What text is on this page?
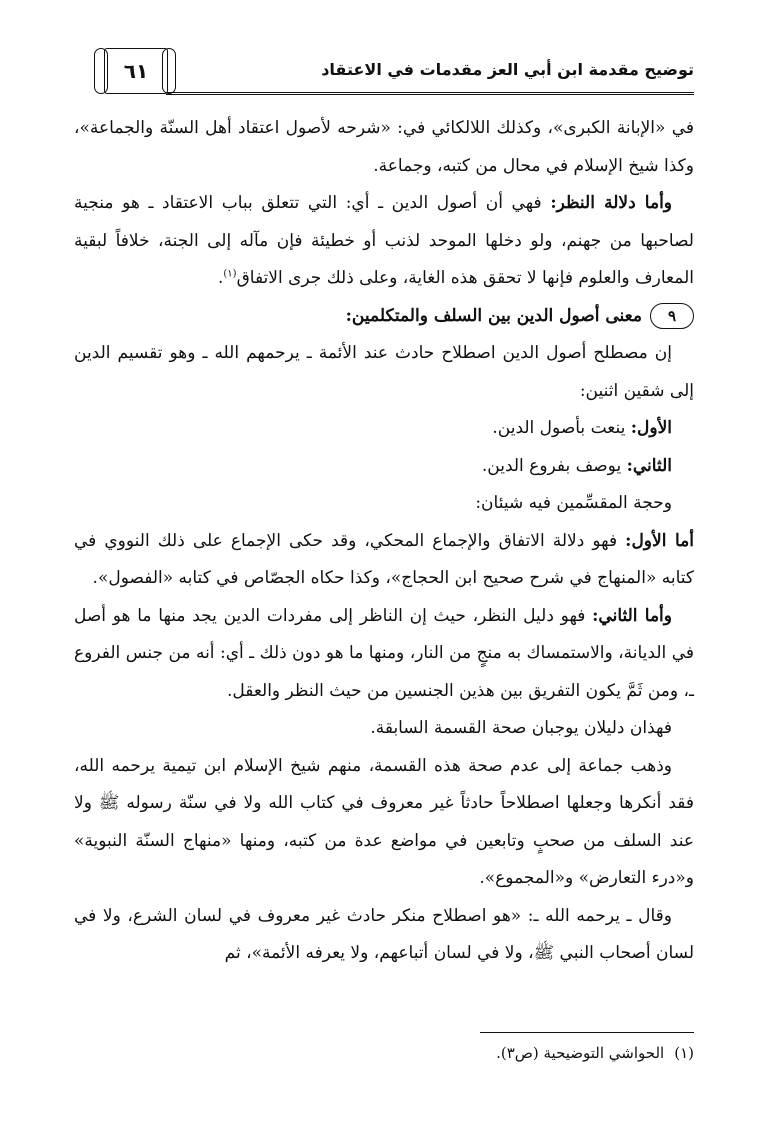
توضيح مقدمة ابن أبي العز مقدمات في الاعتقاد
٦١

في «الإبانة الكبرى»، وكذلك اللالكائي في: «شرحه لأصول اعتقاد أهل السنّة والجماعة»، وكذا شيخ الإسلام في محال من كتبه، وجماعة.

وأما دلالة النظر: فهي أن أصول الدين ـ أي: التي تتعلق بباب الاعتقاد ـ هو منجية لصاحبها من جهنم، ولو دخلها الموحد لذنب أو خطيئة فإن مآله إلى الجنة، خلافاً لبقية المعارف والعلوم فإنها لا تحقق هذه الغاية، وعلى ذلك جرى الاتفاق$^{(١)}$.

٩
معنى أصول الدين بين السلف والمتكلمين:

إن مصطلح أصول الدين اصطلاح حادث عند الأئمة ـ يرحمهم الله ـ وهو تقسيم الدين إلى شقين اثنين:

الأول: ينعت بأصول الدين.

الثاني: يوصف بفروع الدين.

وحجة المقسِّمين فيه شيئان:

أما الأول: فهو دلالة الاتفاق والإجماع المحكي، وقد حكى الإجماع على ذلك النووي في كتابه «المنهاج في شرح صحيح ابن الحجاج»، وكذا حكاه الجصّاص في كتابه «الفصول».

وأما الثاني: فهو دليل النظر، حيث إن الناظر إلى مفردات الدين يجد منها ما هو أصل في الديانة، والاستمساك به منجٍ من النار، ومنها ما هو دون ذلك ـ أي: أنه من جنس الفروع ـ، ومن ثَمَّ يكون التفريق بين هذين الجنسين من حيث النظر والعقل.

فهذان دليلان يوجبان صحة القسمة السابقة.

وذهب جماعة إلى عدم صحة هذه القسمة، منهم شيخ الإسلام ابن تيمية يرحمه الله، فقد أنكرها وجعلها اصطلاحاً حادثاً غير معروف في كتاب الله ولا في سنّة رسوله ﷺ ولا عند السلف من صحبٍ وتابعين في مواضع عدة من كتبه، ومنها «منهاج السنّة النبوية» و«درء التعارض» و«المجموع».

وقال ـ يرحمه الله ـ: «هو اصطلاح منكر حادث غير معروف في لسان الشرع، ولا في لسان أصحاب النبي ﷺ، ولا في لسان أتباعهم، ولا يعرفه الأئمة»، ثم

(١)الحواشي التوضيحية (ص٣).
